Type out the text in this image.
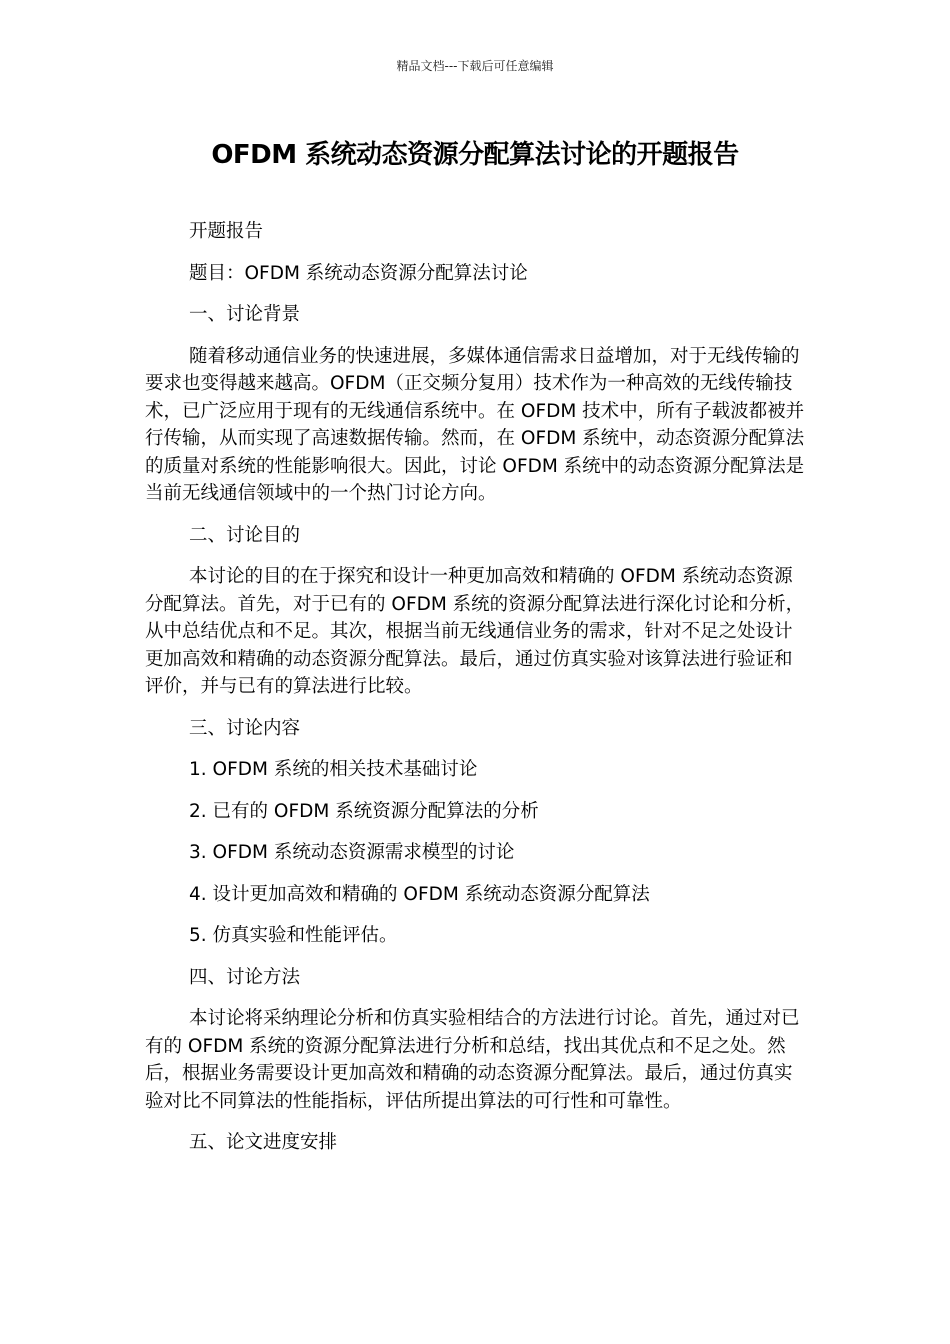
精品文档---下载后可任意编辑
OFDM 系统动态资源分配算法讨论的开题报告

开题报告

题目：OFDM 系统动态资源分配算法讨论

一、讨论背景

随着移动通信业务的快速进展，多媒体通信需求日益增加，对于无线传输的要求也变得越来越高。OFDM（正交频分复用）技术作为一种高效的无线传输技术，已广泛应用于现有的无线通信系统中。在 OFDM 技术中，所有子载波都被并行传输，从而实现了高速数据传输。然而，在 OFDM 系统中，动态资源分配算法的质量对系统的性能影响很大。因此，讨论 OFDM 系统中的动态资源分配算法是当前无线通信领域中的一个热门讨论方向。

二、讨论目的

本讨论的目的在于探究和设计一种更加高效和精确的 OFDM 系统动态资源分配算法。首先，对于已有的 OFDM 系统的资源分配算法进行深化讨论和分析，从中总结优点和不足。其次，根据当前无线通信业务的需求，针对不足之处设计更加高效和精确的动态资源分配算法。最后，通过仿真实验对该算法进行验证和评价，并与已有的算法进行比较。

三、讨论内容

1. OFDM 系统的相关技术基础讨论

2. 已有的 OFDM 系统资源分配算法的分析

3. OFDM 系统动态资源需求模型的讨论

4. 设计更加高效和精确的 OFDM 系统动态资源分配算法

5. 仿真实验和性能评估。

四、讨论方法

本讨论将采纳理论分析和仿真实验相结合的方法进行讨论。首先，通过对已有的 OFDM 系统的资源分配算法进行分析和总结，找出其优点和不足之处。然后，根据业务需要设计更加高效和精确的动态资源分配算法。最后，通过仿真实验对比不同算法的性能指标，评估所提出算法的可行性和可靠性。

五、论文进度安排
